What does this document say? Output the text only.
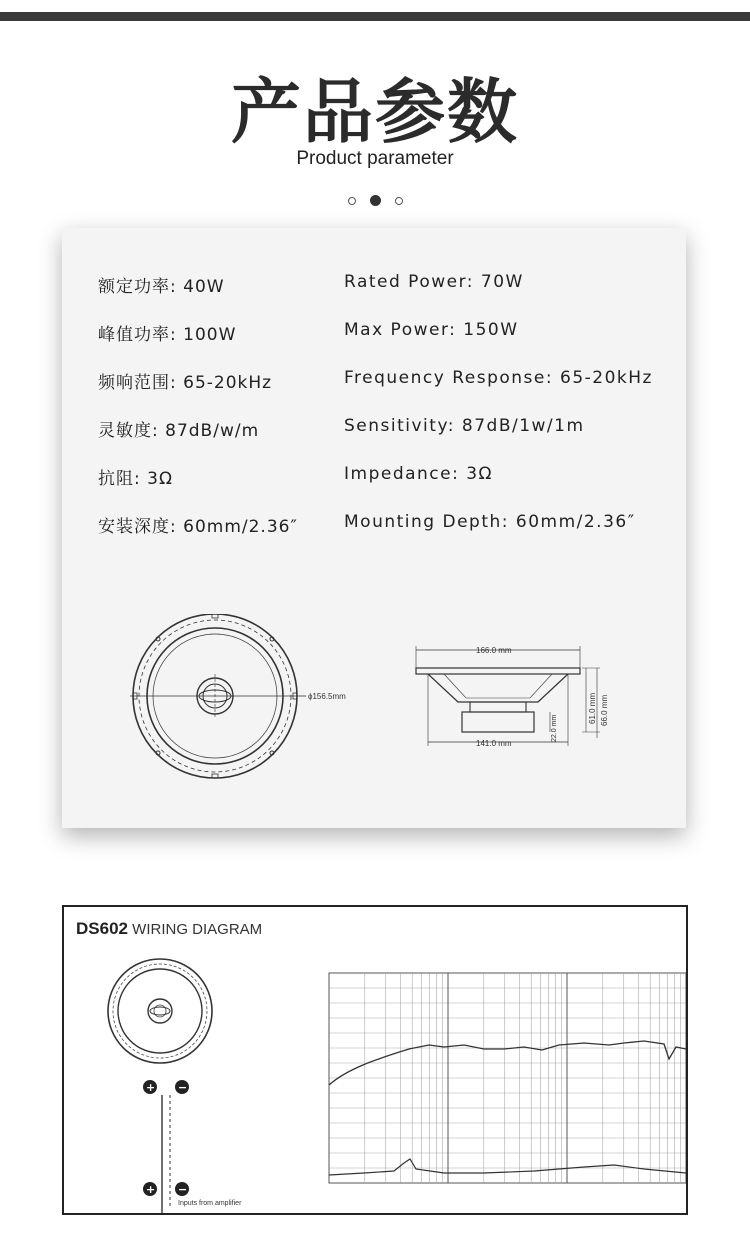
产品参数
Product parameter
额定功率: 40W	Rated Power: 70W
峰值功率: 100W	Max Power: 150W
频响范围: 65-20kHz	Frequency Response: 65-20kHz
灵敏度: 87dB/w/m	Sensitivity: 87dB/1w/1m
抗阻: 3Ω	Impedance: 3Ω
安装深度: 60mm/2.36″	Mounting Depth: 60mm/2.36″
ϕ156.5mm
166.0 mm
141.0 mm
61.0 mm 66.0 mm
22.0 mm
DS602 WIRING DIAGRAM
+ −
+ −
Inputs from amplifier
